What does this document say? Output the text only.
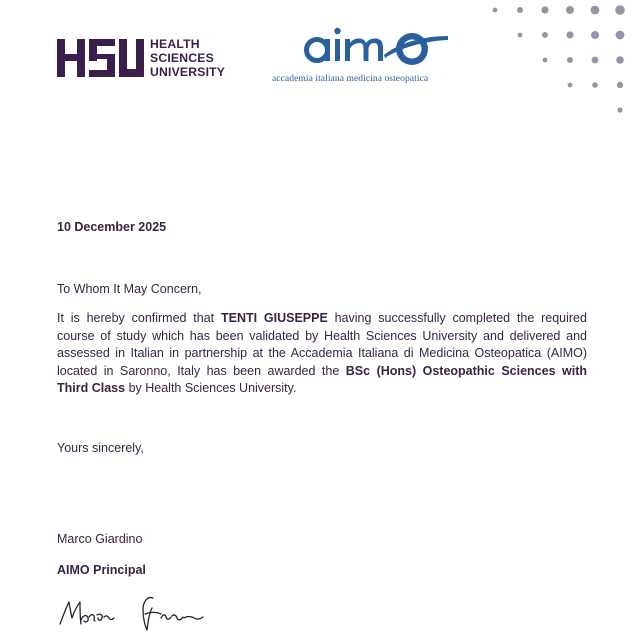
HEALTH
SCIENCES
UNIVERSITY	accademia italiana medicina osteopatica
10 December 2025
To Whom It May Concern,
It is hereby confirmed that TENTI GIUSEPPE having successfully completed the required
course of study which has been validated by Health Sciences University and delivered and
assessed in Italian in partnership at the Accademia Italiana di Medicina Osteopatica (AIMO)
located in Saronno, Italy has been awarded the BSc (Hons) Osteopathic Sciences with
Third Class by Health Sciences University.
Yours sincerely,
Marco Giardino
AIMO Principal
